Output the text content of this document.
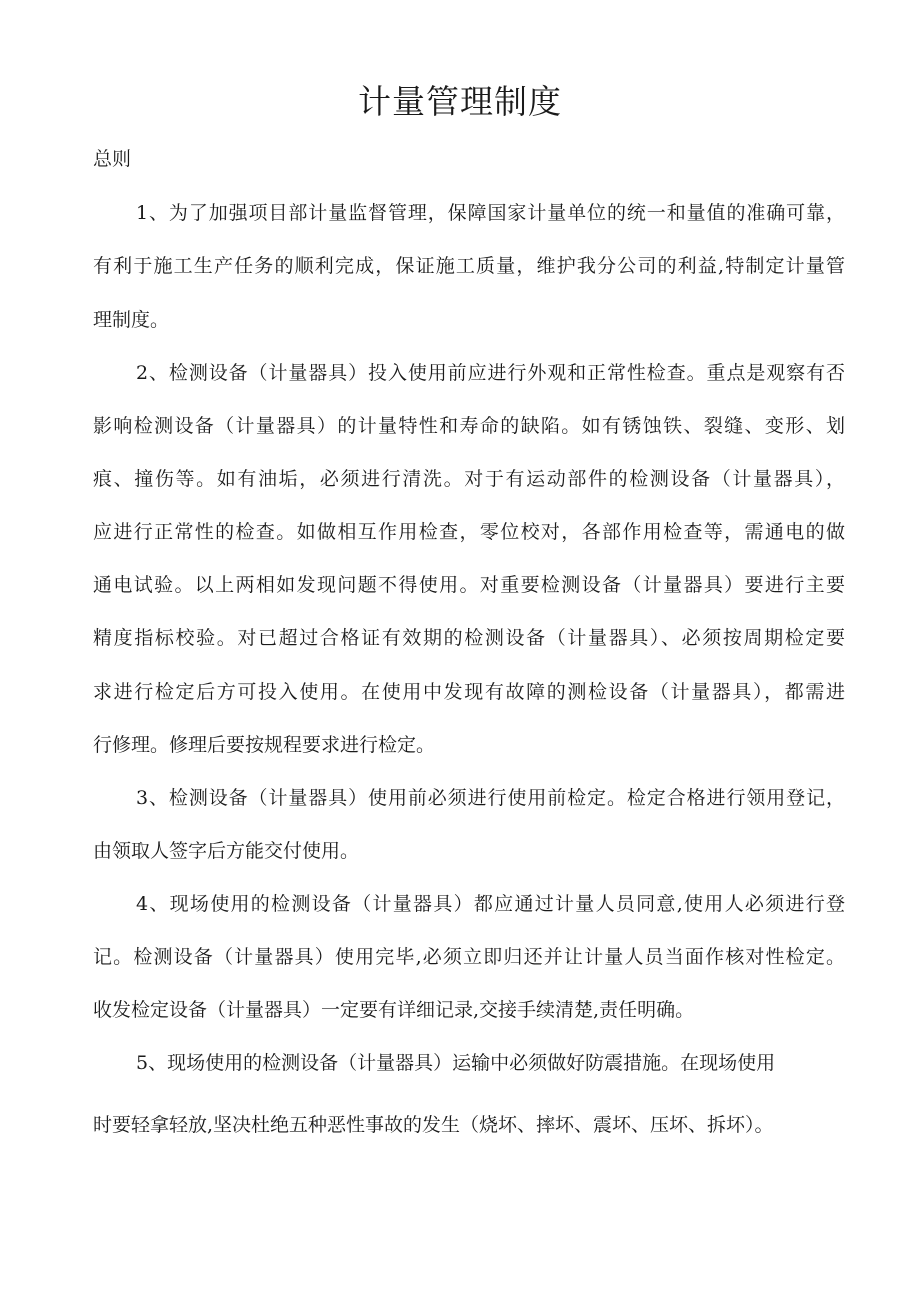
计量管理制度
总则
1、为了加强项目部计量监督管理，保障国家计量单位的统一和量值的准确可靠，
有利于施工生产任务的顺利完成，保证施工质量，维护我分公司的利益,特制定计量管
理制度。
2、检测设备（计量器具）投入使用前应进行外观和正常性检查。重点是观察有否
影响检测设备（计量器具）的计量特性和寿命的缺陷。如有锈蚀铁、裂缝、变形、划
痕、撞伤等。如有油垢，必须进行清洗。对于有运动部件的检测设备（计量器具），
应进行正常性的检查。如做相互作用检查，零位校对，各部作用检查等，需通电的做
通电试验。以上两相如发现问题不得使用。对重要检测设备（计量器具）要进行主要
精度指标校验。对已超过合格证有效期的检测设备（计量器具）、必须按周期检定要
求进行检定后方可投入使用。在使用中发现有故障的测检设备（计量器具），都需进
行修理。修理后要按规程要求进行检定。
3、检测设备（计量器具）使用前必须进行使用前检定。检定合格进行领用登记，
由领取人签字后方能交付使用。
4、现场使用的检测设备（计量器具）都应通过计量人员同意,使用人必须进行登
记。检测设备（计量器具）使用完毕,必须立即归还并让计量人员当面作核对性检定。
收发检定设备（计量器具）一定要有详细记录,交接手续清楚,责任明确。
5、现场使用的检测设备（计量器具）运输中必须做好防震措施。在现场使用
时要轻拿轻放,坚决杜绝五种恶性事故的发生（烧坏、摔坏、震坏、压坏、拆坏）。
